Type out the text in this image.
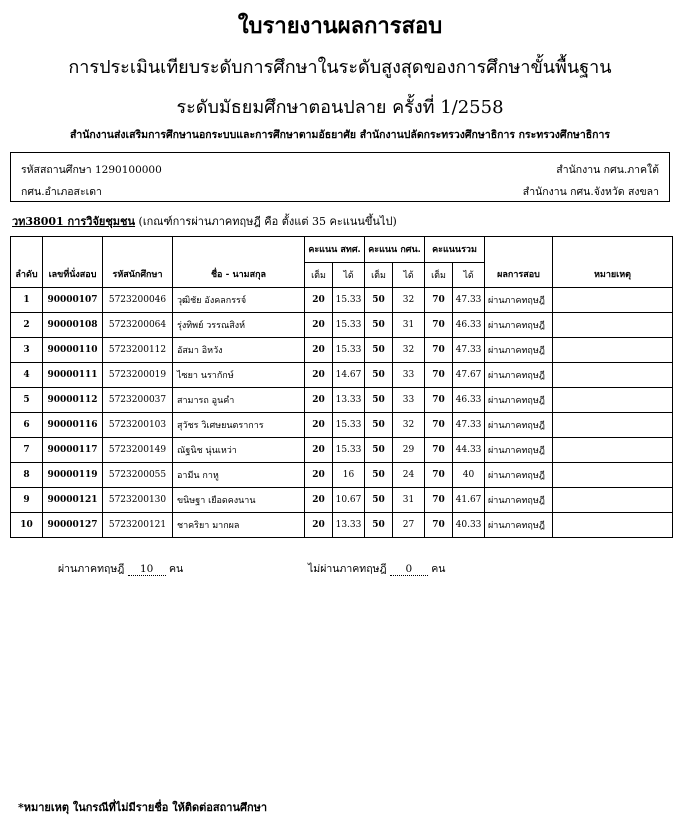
ใบรายงานผลการสอบ
การประเมินเทียบระดับการศึกษาในระดับสูงสุดของการศึกษาขั้นพื้นฐาน
ระดับมัธยมศึกษาตอนปลาย ครั้งที่ 1/2558
สำนักงานส่งเสริมการศึกษานอกระบบและการศึกษาตามอัธยาศัย สำนักงานปลัดกระทรวงศึกษาธิการ กระทรวงศึกษาธิการ
รหัสสถานศึกษา 1290100000	สำนักงาน กศน.ภาคใต้
กศน.อำเภอสะเดา	สำนักงาน กศน.จังหวัด สงขลา
วท38001 การวิจัยชุมชน (เกณฑ์การผ่านภาคทฤษฎี คือ ตั้งแต่ 35 คะแนนขึ้นไป)
ลำดับ	เลขที่นั่งสอบ	รหัสนักศึกษา	ชื่อ - นามสกุล	คะแนน สทศ.		คะแนน กศน.		คะแนนรวม		ผลการสอบ	หมายเหตุ
				เต็ม	ได้	เต็ม	ได้	เต็ม	ได้		
1	90000107	5723200046	วุฒิชัย อังคลกรรจ์	20	15.33	50	32	70	47.33	ผ่านภาคทฤษฎี	
2	90000108	5723200064	รุ่งทิพย์ วรรณสิงห์	20	15.33	50	31	70	46.33	ผ่านภาคทฤษฎี	
3	90000110	5723200112	อัสมา อิหวัง	20	15.33	50	32	70	47.33	ผ่านภาคทฤษฎี	
4	90000111	5723200019	ไซยา นรากักษ์	20	14.67	50	33	70	47.67	ผ่านภาคทฤษฎี	
5	90000112	5723200037	สามารถ อูนคำ	20	13.33	50	33	70	46.33	ผ่านภาคทฤษฎี	
6	90000116	5723200103	สุวัชร วิเศษยนตราการ	20	15.33	50	32	70	47.33	ผ่านภาคทฤษฎี	
7	90000117	5723200149	ณัฐนิช นุ่นเหว่า	20	15.33	50	29	70	44.33	ผ่านภาคทฤษฎี	
8	90000119	5723200055	อามีน กาหู	20	16	50	24	70	40	ผ่านภาคทฤษฎี	
9	90000121	5723200130	ขนิษฐา เยือดคงนาน	20	10.67	50	31	70	41.67	ผ่านภาคทฤษฎี	
10	90000127	5723200121	ชาคริยา มากผล	20	13.33	50	27	70	40.33	ผ่านภาคทฤษฎี	
ผ่านภาคทฤษฎี 10 คน	ไม่ผ่านภาคทฤษฎี 0 คน
*หมายเหตุ ในกรณีที่ไม่มีรายชื่อ ให้ติดต่อสถานศึกษา
